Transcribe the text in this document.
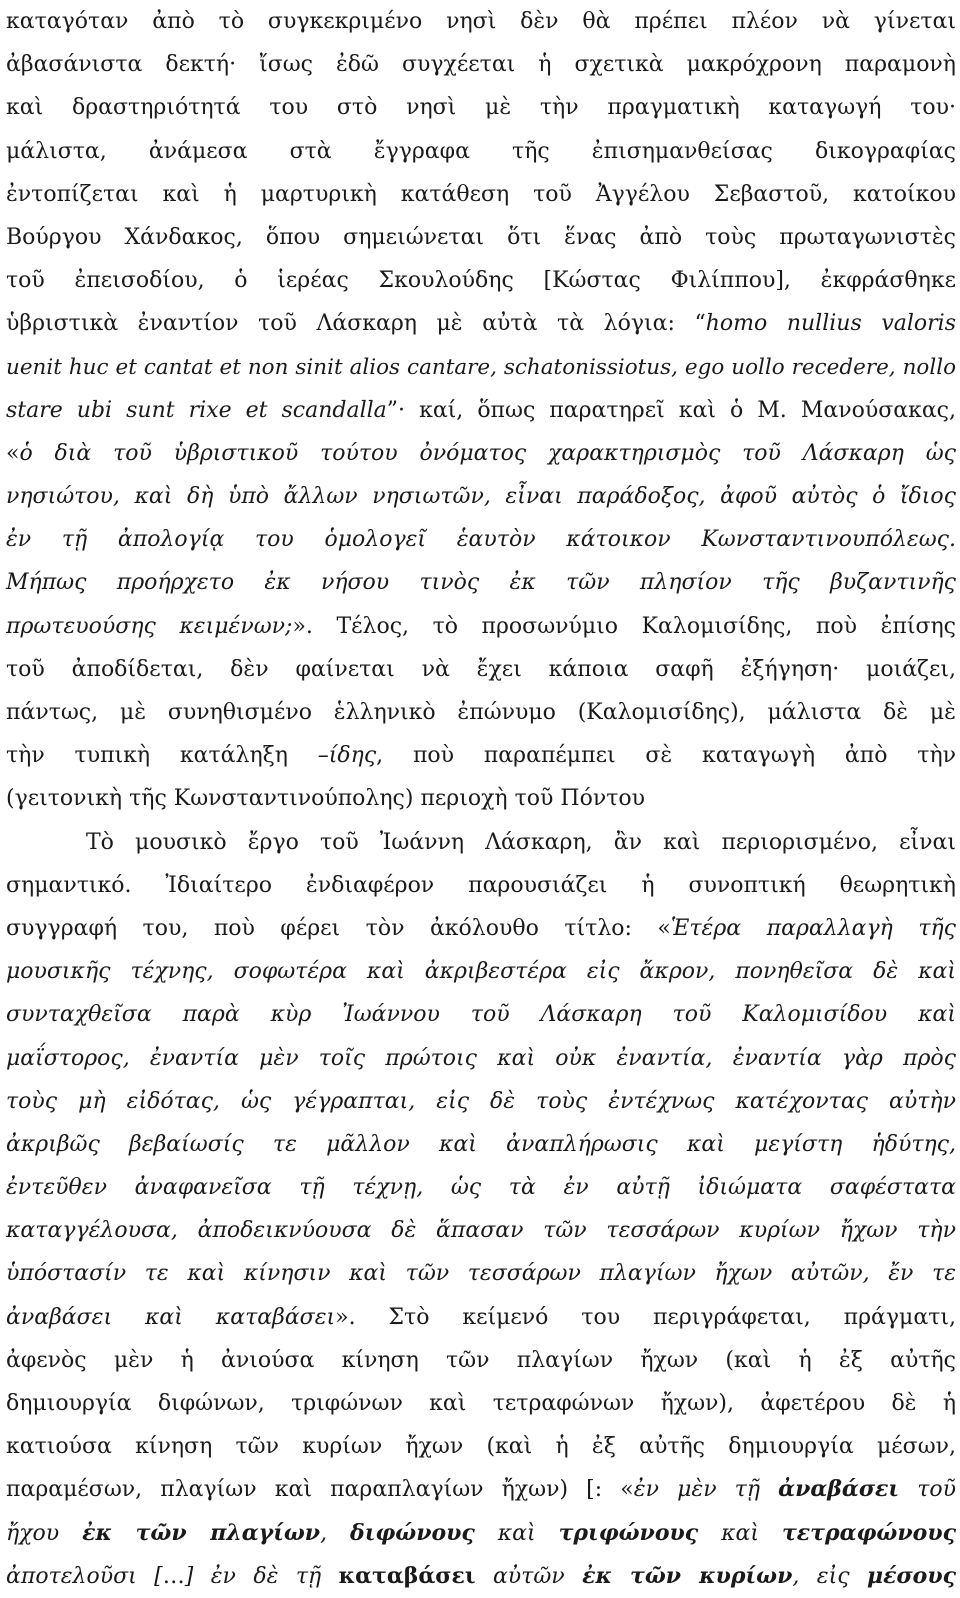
καταγόταν ἀπὸ τὸ συγκεκριμένο νησὶ δὲν θὰ πρέπει πλέον νὰ γίνεται
ἀβασάνιστα δεκτή· ἴσως ἐδῶ συγχέεται ἡ σχετικὰ μακρόχρονη παραμονὴ
καὶ δραστηριότητά του στὸ νησὶ μὲ τὴν πραγματικὴ καταγωγή του·
μάλιστα, ἀνάμεσα στὰ ἔγγραφα τῆς ἐπισημανθείσας δικογραφίας
ἐντοπίζεται καὶ ἡ μαρτυρικὴ κατάθεση τοῦ Ἀγγέλου Σεβαστοῦ, κατοίκου
Βούργου Χάνδακος, ὅπου σημειώνεται ὅτι ἕνας ἀπὸ τοὺς πρωταγωνιστὲς
τοῦ ἐπεισοδίου, ὁ ἱερέας Σκουλούδης [Κώστας Φιλίππου], ἐκφράσθηκε
ὑβριστικὰ ἐναντίον τοῦ Λάσκαρη μὲ αὐτὰ τὰ λόγια: “homo nullius valoris
uenit huc et cantat et non sinit alios cantare, schatonissiotus, ego uollo recedere, nollo
stare ubi sunt rixe et scandalla”· καί, ὅπως παρατηρεῖ καὶ ὁ Μ. Μανούσακας,
«ὁ διὰ τοῦ ὑβριστικοῦ τούτου ὀνόματος χαρακτηρισμὸς τοῦ Λάσκαρη ὡς
νησιώτου, καὶ δὴ ὑπὸ ἄλλων νησιωτῶν, εἶναι παράδοξος, ἀφοῦ αὐτὸς ὁ ἴδιος
ἐν τῇ ἀπολογίᾳ του ὁμολογεῖ ἑαυτὸν κάτοικον Κωνσταντινουπόλεως.
Μήπως προήρχετο ἐκ νήσου τινὸς ἐκ τῶν πλησίον τῆς βυζαντινῆς
πρωτευούσης κειμένων;». Τέλος, τὸ προσωνύμιο Καλομισίδης, ποὺ ἐπίσης
τοῦ ἀποδίδεται, δὲν φαίνεται νὰ ἔχει κάποια σαφῆ ἐξήγηση· μοιάζει,
πάντως, μὲ συνηθισμένο ἑλληνικὸ ἐπώνυμο (Καλομισίδης), μάλιστα δὲ μὲ
τὴν τυπικὴ κατάληξη –ίδης, ποὺ παραπέμπει σὲ καταγωγὴ ἀπὸ τὴν
(γειτονικὴ τῆς Κωνσταντινούπολης) περιοχὴ τοῦ Πόντου
Τὸ μουσικὸ ἔργο τοῦ Ἰωάννη Λάσκαρη, ἂν καὶ περιορισμένο, εἶναι
σημαντικό. Ἰδιαίτερο ἐνδιαφέρον παρουσιάζει ἡ συνοπτική θεωρητικὴ
συγγραφή του, ποὺ φέρει τὸν ἀκόλουθο τίτλο: «Ἑτέρα παραλλαγὴ τῆς
μουσικῆς τέχνης, σοφωτέρα καὶ ἀκριβεστέρα εἰς ἄκρον, πονηθεῖσα δὲ καὶ
συνταχθεῖσα παρὰ κὺρ Ἰωάννου τοῦ Λάσκαρη τοῦ Καλομισίδου καὶ
μαΐστορος, ἐναντία μὲν τοῖς πρώτοις καὶ οὐκ ἐναντία, ἐναντία γὰρ πρὸς
τοὺς μὴ εἰδότας, ὡς γέγραπται, εἰς δὲ τοὺς ἐντέχνως κατέχοντας αὐτὴν
ἀκριβῶς βεβαίωσίς τε μᾶλλον καὶ ἀναπλήρωσις καὶ μεγίστη ἡδύτης,
ἐντεῦθεν ἀναφανεῖσα τῇ τέχνῃ, ὡς τὰ ἐν αὐτῇ ἰδιώματα σαφέστατα
καταγγέλουσα, ἀποδεικνύουσα δὲ ἅπασαν τῶν τεσσάρων κυρίων ἤχων τὴν
ὑπόστασίν τε καὶ κίνησιν καὶ τῶν τεσσάρων πλαγίων ἤχων αὐτῶν, ἔν τε
ἀναβάσει καὶ καταβάσει». Στὸ κείμενό του περιγράφεται, πράγματι,
ἀφενὸς μὲν ἡ ἀνιούσα κίνηση τῶν πλαγίων ἤχων (καὶ ἡ ἐξ αὐτῆς
δημιουργία διφώνων, τριφώνων καὶ τετραφώνων ἤχων), ἀφετέρου δὲ ἡ
κατιούσα κίνηση τῶν κυρίων ἤχων (καὶ ἡ ἐξ αὐτῆς δημιουργία μέσων,
παραμέσων, πλαγίων καὶ παραπλαγίων ἤχων) [: «ἐν μὲν τῇ ἀναβάσει τοῦ
ἤχου ἐκ τῶν πλαγίων, διφώνους καὶ τριφώνους καὶ τετραφώνους
ἀποτελοῦσι […] ἐν δὲ τῇ καταβάσει αὐτῶν ἐκ τῶν κυρίων, εἰς μέσους
